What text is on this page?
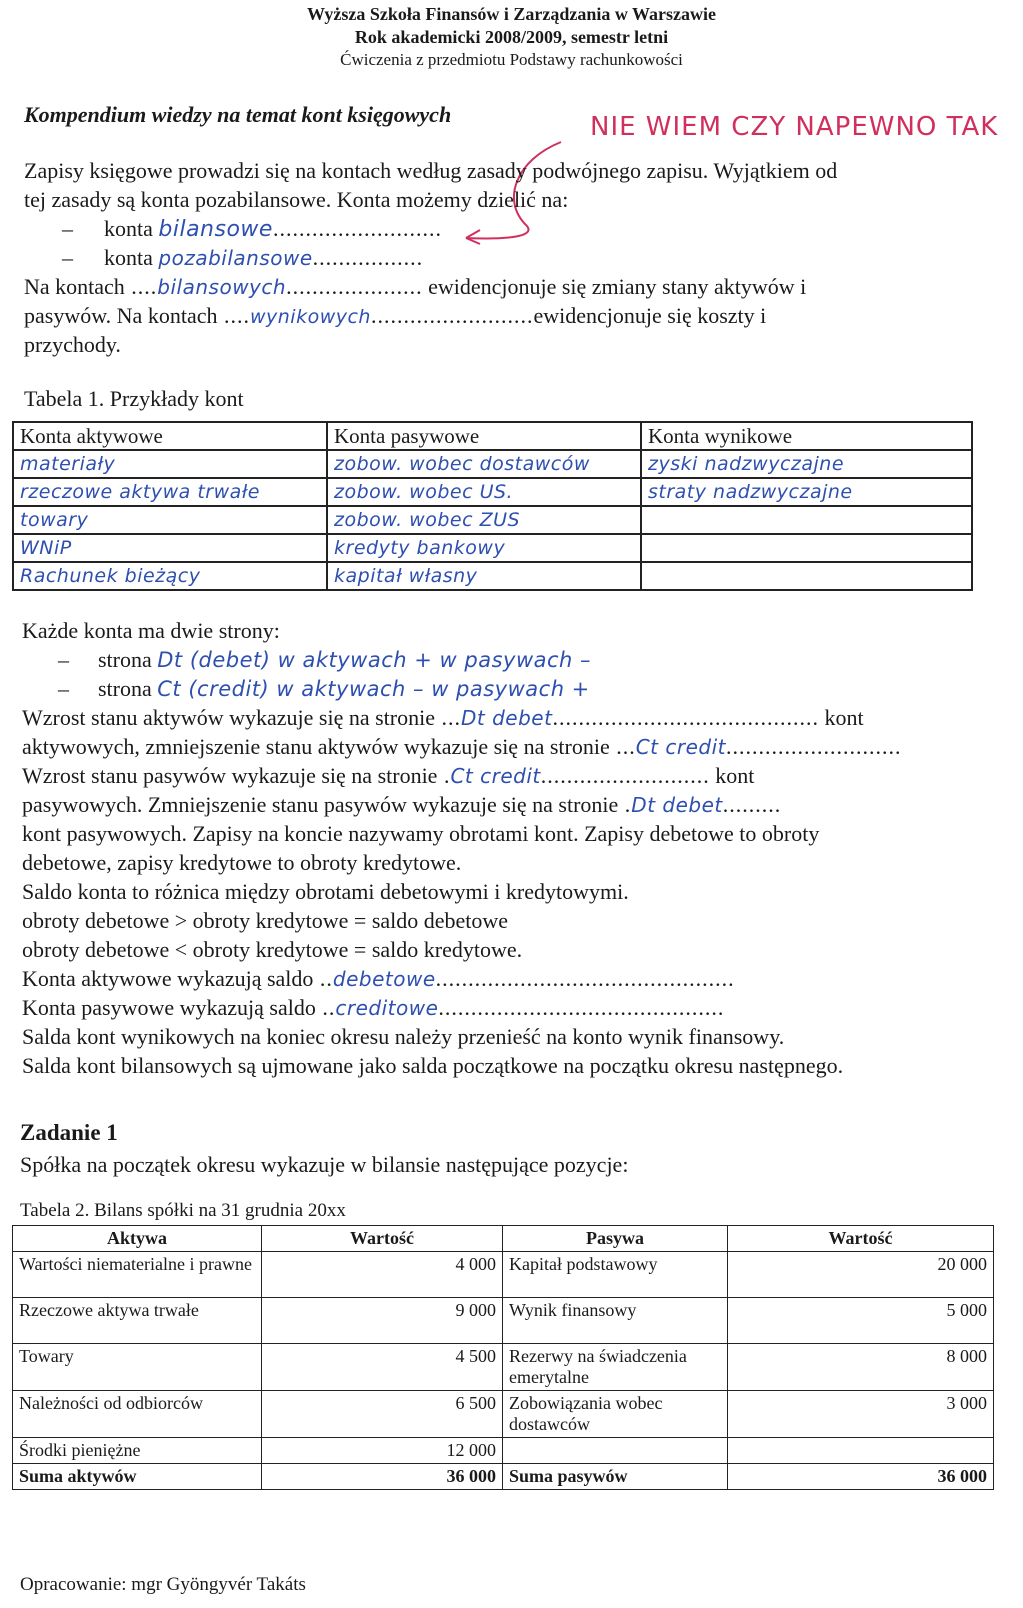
Wyższa Szkoła Finansów i Zarządzania w Warszawie
Rok akademicki 2008/2009, semestr letni
Ćwiczenia z przedmiotu Podstawy rachunkowości
Kompendium wiedzy na temat kont księgowych	NIE WIEM CZY NAPEWNO TAK
Zapisy księgowe prowadzi się na kontach według zasady podwójnego zapisu. Wyjątkiem od
tej zasady są konta pozabilansowe. Konta możemy dzielić na:
– konta bilansowe..........................
– konta pozabilansowe.................
Na kontach ....bilansowych..................... ewidencjonuje się zmiany stany aktywów i
pasywów. Na kontach ....wynikowych.........................ewidencjonuje się koszty i
przychody.
Tabela 1. Przykłady kont
Konta aktywowe	Konta pasywowe	Konta wynikowe
materiały	zobow. wobec dostawców	zyski nadzwyczajne
rzeczowe aktywa trwałe	zobow. wobec US.	straty nadzwyczajne
towary	zobow. wobec ZUS	
WNiP	kredyty bankowy	
Rachunek bieżący	kapitał własny	
Każde konta ma dwie strony:
– strona Dt (debet) w aktywach + w pasywach –
– strona Ct (credit) w aktywach – w pasywach +
Wzrost stanu aktywów wykazuje się na stronie ...Dt debet......................................... kont
aktywowych, zmniejszenie stanu aktywów wykazuje się na stronie ...Ct credit...........................
Wzrost stanu pasywów wykazuje się na stronie .Ct credit.......................... kont
pasywowych. Zmniejszenie stanu pasywów wykazuje się na stronie .Dt debet.........
kont pasywowych. Zapisy na koncie nazywamy obrotami kont. Zapisy debetowe to obroty
debetowe, zapisy kredytowe to obroty kredytowe.
Saldo konta to różnica między obrotami debetowymi i kredytowymi.
obroty debetowe > obroty kredytowe = saldo debetowe
obroty debetowe < obroty kredytowe = saldo kredytowe.
Konta aktywowe wykazują saldo ..debetowe..............................................
Konta pasywowe wykazują saldo ..creditowe............................................
Salda kont wynikowych na koniec okresu należy przenieść na konto wynik finansowy.
Salda kont bilansowych są ujmowane jako salda początkowe na początku okresu następnego.
Zadanie 1
Spółka na początek okresu wykazuje w bilansie następujące pozycje:
Tabela 2. Bilans spółki na 31 grudnia 20xx
Aktywa	Wartość	Pasywa	Wartość
Wartości niematerialne i prawne	4 000	Kapitał podstawowy	20 000
Rzeczowe aktywa trwałe	9 000	Wynik finansowy	5 000
Towary	4 500	Rezerwy na świadczenia emerytalne	8 000
Należności od odbiorców	6 500	Zobowiązania wobec dostawców	3 000
Środki pieniężne	12 000		
Suma aktywów	36 000	Suma pasywów	36 000
Opracowanie: mgr Gyöngyvér Takáts
